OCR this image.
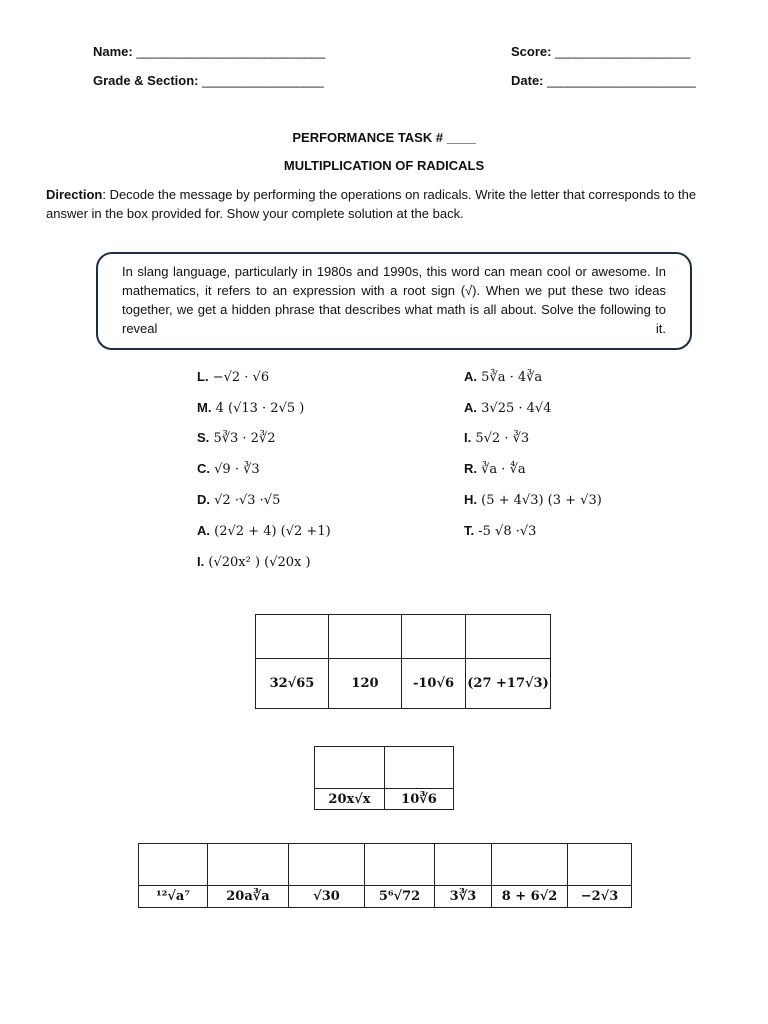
Name: ____________________________	Score: ____________________
Grade & Section: __________________	Date: ______________________
PERFORMANCE TASK # ____
MULTIPLICATION OF RADICALS
Direction: Decode the message by performing the operations on radicals. Write the letter that corresponds to the answer in the box provided for. Show your complete solution at the back.
In slang language, particularly in 1980s and 1990s, this word can mean cool or awesome. In mathematics, it refers to an expression with a root sign (√). When we put these two ideas together, we get a hidden phrase that describes what math is all about. Solve the following to reveal it.
L. −√2 · √6
M. 4 (√13 · 2√5 )
S. 5∛3 · 2∛2
C. √9 · ∛3
D. √2 ·√3 ·√5
A. (2√2 + 4) (√2 +1)
I. (√20x² ) (√20x )
A. 5∛a · 4∛a
A. 3√25 · 4√4
I. 5√2 · ∛3
R. ∛a · ∜a
H. (5 + 4√3) (3 + √3)
T. -5 √8 ·√3

32√65	120	-10√6	(27 +17√3)

20x√x	10∛6

¹²√a⁷	20a∛a	√30	5⁶√72	3∛3	8 + 6√2	−2√3
